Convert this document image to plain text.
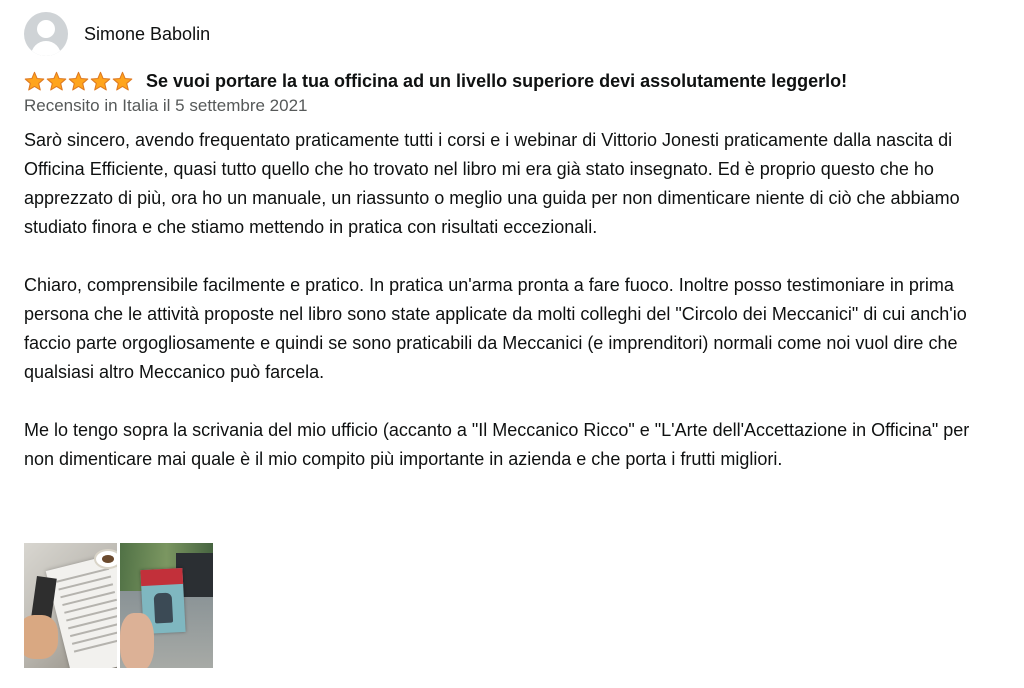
Simone Babolin
Se vuoi portare la tua officina ad un livello superiore devi assolutamente leggerlo!
Recensito in Italia il 5 settembre 2021

Sarò sincero, avendo frequentato praticamente tutti i corsi e i webinar di Vittorio Jonesti praticamente dalla nascita di Officina Efficiente, quasi tutto quello che ho trovato nel libro mi era già stato insegnato. Ed è proprio questo che ho apprezzato di più, ora ho un manuale, un riassunto o meglio una guida per non dimenticare niente di ciò che abbiamo studiato finora e che stiamo mettendo in pratica con risultati eccezionali.

Chiaro, comprensibile facilmente e pratico. In pratica un'arma pronta a fare fuoco. Inoltre posso testimoniare in prima persona che le attività proposte nel libro sono state applicate da molti colleghi del "Circolo dei Meccanici" di cui anch'io faccio parte orgogliosamente e quindi se sono praticabili da Meccanici (e imprenditori) normali come noi vuol dire che qualsiasi altro Meccanico può farcela.

Me lo tengo sopra la scrivania del mio ufficio (accanto a "Il Meccanico Ricco" e "L'Arte dell'Accettazione in Officina" per non dimenticare mai quale è il mio compito più importante in azienda e che porta i frutti migliori.
